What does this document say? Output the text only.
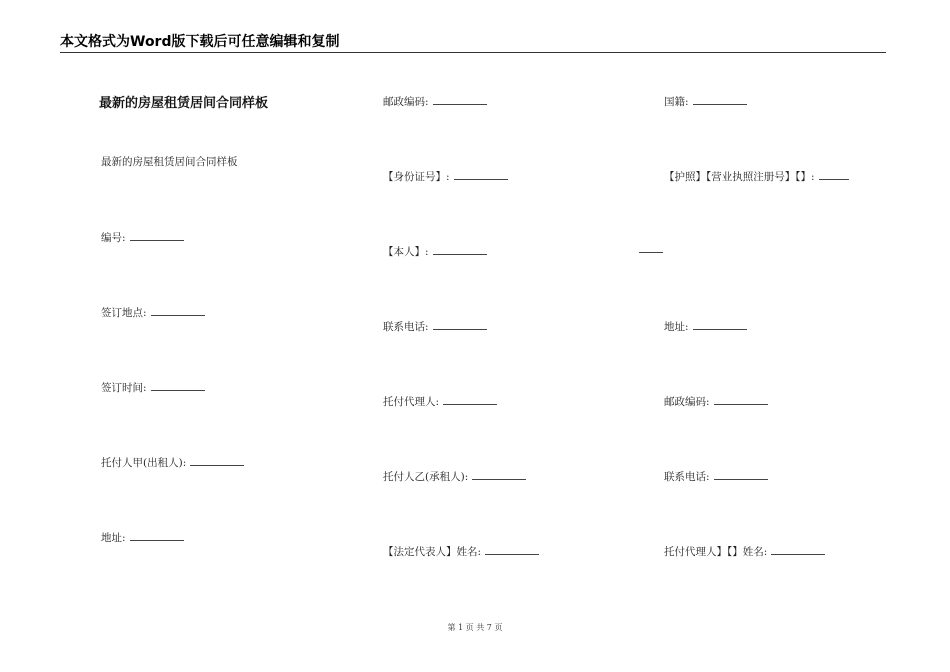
本文格式为Word版下载后可任意编辑和复制
最新的房屋租赁居间合同样板
最新的房屋租赁居间合同样板
编号:
签订地点:
签订时间:
托付人甲(出租人):
地址:
邮政编码:
【身份证号】:
【本人】:
联系电话:
托付代理人:
托付人乙(承租人):
【法定代表人】姓名:
国籍:
【护照】【营业执照注册号】【】:
地址:
邮政编码:
联系电话:
托付代理人】【】姓名:
第 1 页 共 7 页
